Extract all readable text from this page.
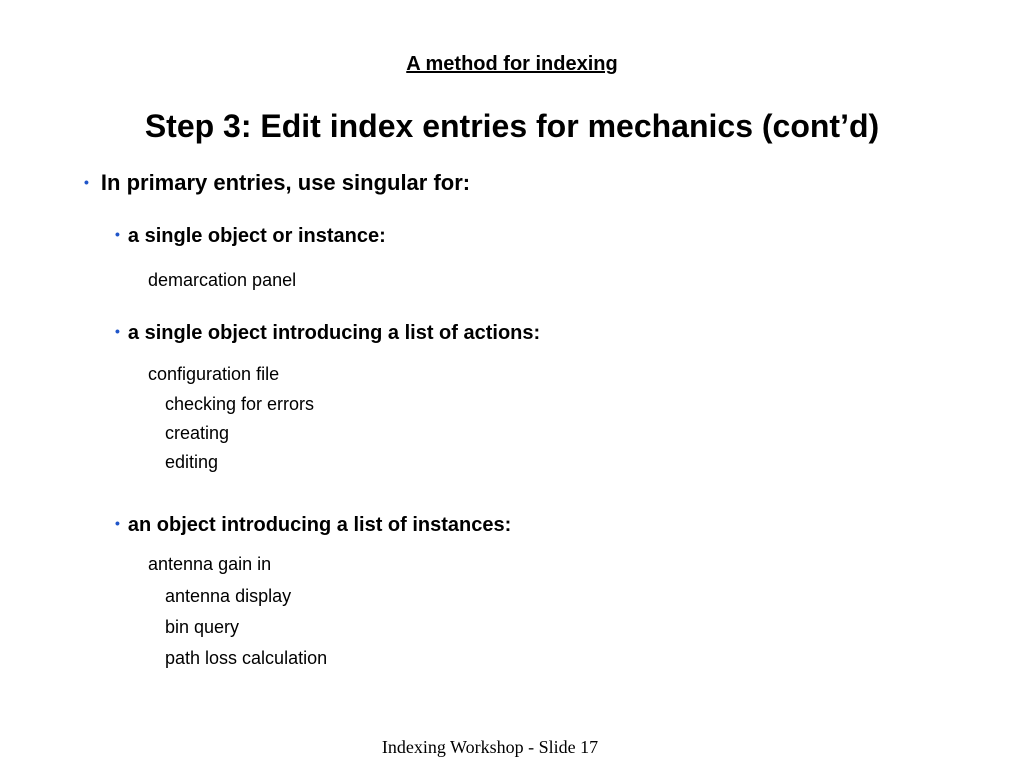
A method for indexing
Step 3: Edit index entries for mechanics (cont’d)
• In primary entries, use singular for:
• a single object or instance:
demarcation panel
• a single object introducing a list of actions:
configuration file
checking for errors
creating
editing
• an object introducing a list of instances:
antenna gain in
antenna display
bin query
path loss calculation
Indexing Workshop - Slide 17
